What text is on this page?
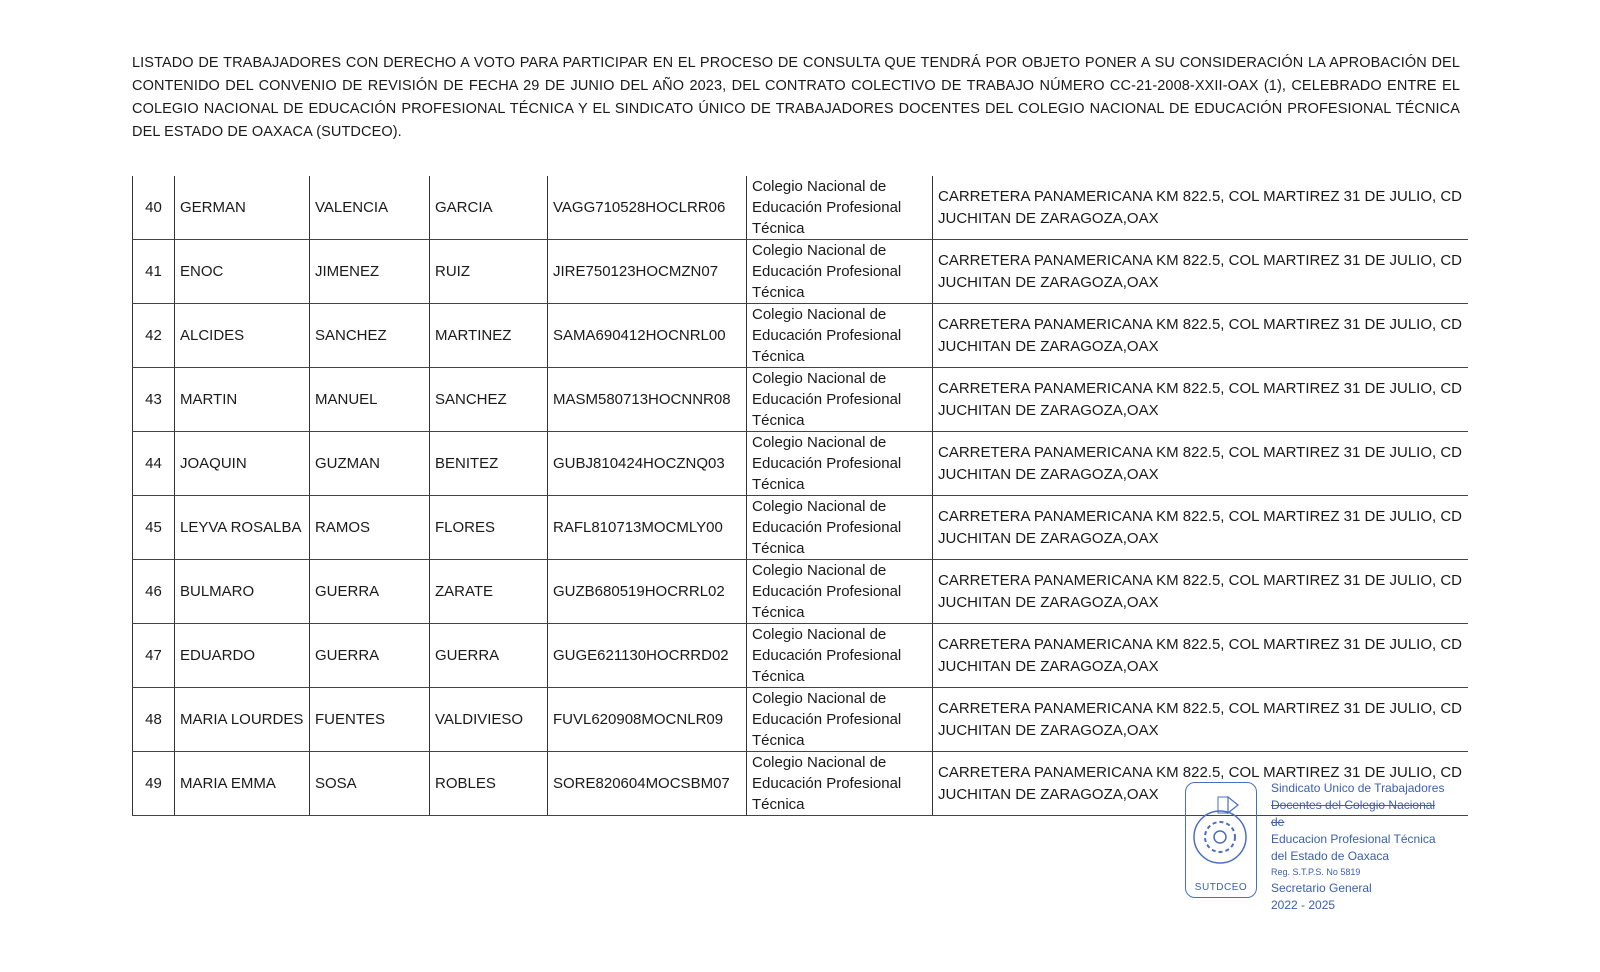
LISTADO DE TRABAJADORES CON DERECHO A VOTO PARA PARTICIPAR EN EL PROCESO DE CONSULTA QUE TENDRÁ POR OBJETO PONER A SU CONSIDERACIÓN LA APROBACIÓN DEL CONTENIDO DEL CONVENIO DE REVISIÓN DE FECHA 29 DE JUNIO DEL AÑO 2023, DEL CONTRATO COLECTIVO DE TRABAJO NÚMERO CC-21-2008-XXII-OAX (1), CELEBRADO ENTRE EL COLEGIO NACIONAL DE EDUCACIÓN PROFESIONAL TÉCNICA Y EL SINDICATO ÚNICO DE TRABAJADORES DOCENTES DEL COLEGIO NACIONAL DE EDUCACIÓN PROFESIONAL TÉCNICA DEL ESTADO DE OAXACA (SUTDCEO).
40	GERMAN	VALENCIA	GARCIA	VAGG710528HOCLRR06	Colegio Nacional de Educación Profesional Técnica	CARRETERA PANAMERICANA KM 822.5, COL MARTIREZ 31 DE JULIO, CD JUCHITAN DE ZARAGOZA,OAX
41	ENOC	JIMENEZ	RUIZ	JIRE750123HOCMZN07	Colegio Nacional de Educación Profesional Técnica	CARRETERA PANAMERICANA KM 822.5, COL MARTIREZ 31 DE JULIO, CD JUCHITAN DE ZARAGOZA,OAX
42	ALCIDES	SANCHEZ	MARTINEZ	SAMA690412HOCNRL00	Colegio Nacional de Educación Profesional Técnica	CARRETERA PANAMERICANA KM 822.5, COL MARTIREZ 31 DE JULIO, CD JUCHITAN DE ZARAGOZA,OAX
43	MARTIN	MANUEL	SANCHEZ	MASM580713HOCNNR08	Colegio Nacional de Educación Profesional Técnica	CARRETERA PANAMERICANA KM 822.5, COL MARTIREZ 31 DE JULIO, CD JUCHITAN DE ZARAGOZA,OAX
44	JOAQUIN	GUZMAN	BENITEZ	GUBJ810424HOCZNQ03	Colegio Nacional de Educación Profesional Técnica	CARRETERA PANAMERICANA KM 822.5, COL MARTIREZ 31 DE JULIO, CD JUCHITAN DE ZARAGOZA,OAX
45	LEYVA ROSALBA	RAMOS	FLORES	RAFL810713MOCMLY00	Colegio Nacional de Educación Profesional Técnica	CARRETERA PANAMERICANA KM 822.5, COL MARTIREZ 31 DE JULIO, CD JUCHITAN DE ZARAGOZA,OAX
46	BULMARO	GUERRA	ZARATE	GUZB680519HOCRRL02	Colegio Nacional de Educación Profesional Técnica	CARRETERA PANAMERICANA KM 822.5, COL MARTIREZ 31 DE JULIO, CD JUCHITAN DE ZARAGOZA,OAX
47	EDUARDO	GUERRA	GUERRA	GUGE621130HOCRRD02	Colegio Nacional de Educación Profesional Técnica	CARRETERA PANAMERICANA KM 822.5, COL MARTIREZ 31 DE JULIO, CD JUCHITAN DE ZARAGOZA,OAX
48	MARIA LOURDES	FUENTES	VALDIVIESO	FUVL620908MOCNLR09	Colegio Nacional de Educación Profesional Técnica	CARRETERA PANAMERICANA KM 822.5, COL MARTIREZ 31 DE JULIO, CD JUCHITAN DE ZARAGOZA,OAX
49	MARIA EMMA	SOSA	ROBLES	SORE820604MOCSBM07	Colegio Nacional de Educación Profesional Técnica	CARRETERA PANAMERICANA KM 822.5, COL MARTIREZ 31 DE JULIO, CD JUCHITAN DE ZARAGOZA,OAX
SUTDCEO
Sindicato Unico de Trabajadores
Docentes del Colegio Nacional de
Educacion Profesional Técnica
del Estado de Oaxaca
Reg. S.T.P.S. No 5819
Secretario General
2022 - 2025
